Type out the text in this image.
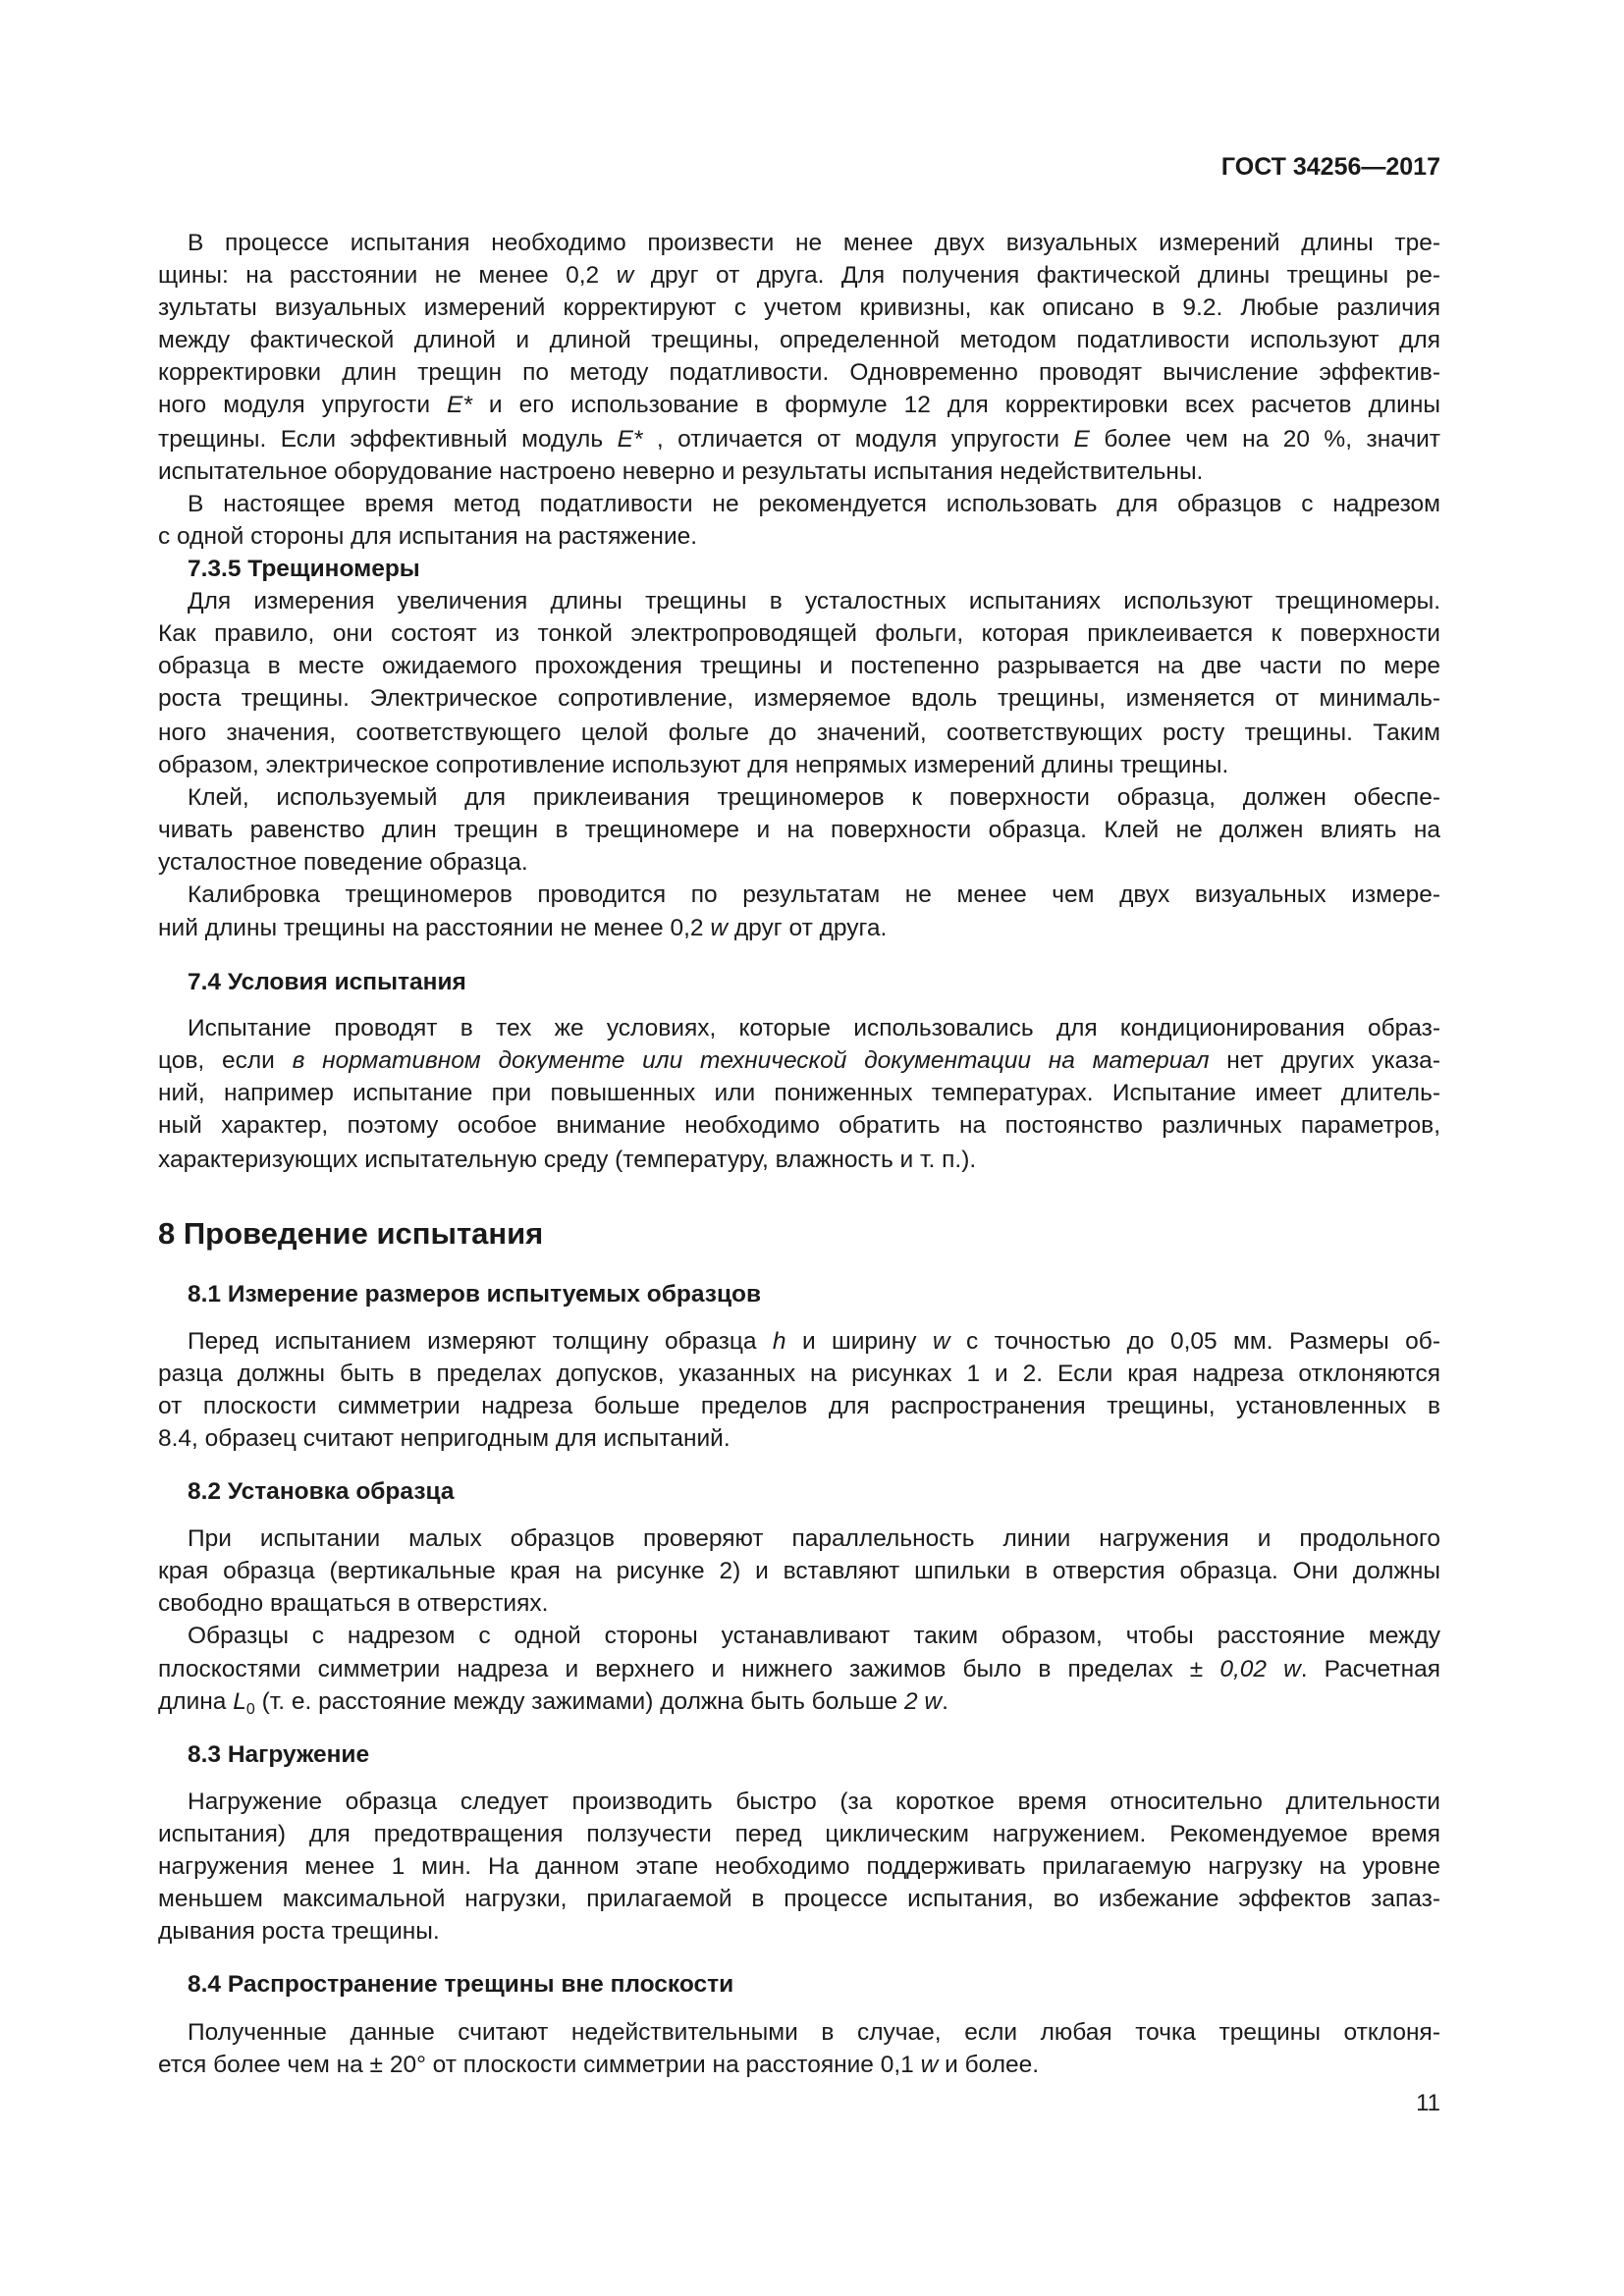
ГОСТ 34256—2017
В процессе испытания необходимо произвести не менее двух визуальных измерений длины тре-
щины: на расстоянии не менее 0,2 w друг от друга. Для получения фактической длины трещины ре-
зультаты визуальных измерений корректируют с учетом кривизны, как описано в 9.2. Любые различия
между фактической длиной и длиной трещины, определенной методом податливости используют для
корректировки длин трещин по методу податливости. Одновременно проводят вычисление эффектив-
ного модуля упругости E* и его использование в формуле 12 для корректировки всех расчетов длины
трещины. Если эффективный модуль E* , отличается от модуля упругости E более чем на 20 %, значит
испытательное оборудование настроено неверно и результаты испытания недействительны.
В настоящее время метод податливости не рекомендуется использовать для образцов с надрезом
с одной стороны для испытания на растяжение.
7.3.5 Трещиномеры
Для измерения увеличения длины трещины в усталостных испытаниях используют трещиномеры.
Как правило, они состоят из тонкой электропроводящей фольги, которая приклеивается к поверхности
образца в месте ожидаемого прохождения трещины и постепенно разрывается на две части по мере
роста трещины. Электрическое сопротивление, измеряемое вдоль трещины, изменяется от минималь-
ного значения, соответствующего целой фольге до значений, соответствующих росту трещины. Таким
образом, электрическое сопротивление используют для непрямых измерений длины трещины.
Клей, используемый для приклеивания трещиномеров к поверхности образца, должен обеспе-
чивать равенство длин трещин в трещиномере и на поверхности образца. Клей не должен влиять на
усталостное поведение образца.
Калибровка трещиномеров проводится по результатам не менее чем двух визуальных измере-
ний длины трещины на расстоянии не менее 0,2 w друг от друга.
7.4 Условия испытания
Испытание проводят в тех же условиях, которые использовались для кондиционирования образ-
цов, если в нормативном документе или технической документации на материал нет других указа-
ний, например испытание при повышенных или пониженных температурах. Испытание имеет длитель-
ный характер, поэтому особое внимание необходимо обратить на постоянство различных параметров,
характеризующих испытательную среду (температуру, влажность и т. п.).
8 Проведение испытания
8.1 Измерение размеров испытуемых образцов
Перед испытанием измеряют толщину образца h и ширину w с точностью до 0,05 мм. Размеры об-
разца должны быть в пределах допусков, указанных на рисунках 1 и 2. Если края надреза отклоняются
от плоскости симметрии надреза больше пределов для распространения трещины, установленных в
8.4, образец считают непригодным для испытаний.
8.2 Установка образца
При испытании малых образцов проверяют параллельность линии нагружения и продольного
края образца (вертикальные края на рисунке 2) и вставляют шпильки в отверстия образца. Они должны
свободно вращаться в отверстиях.
Образцы с надрезом с одной стороны устанавливают таким образом, чтобы расстояние между
плоскостями симметрии надреза и верхнего и нижнего зажимов было в пределах ± 0,02 w. Расчетная
длина $L_0$ (т. е. расстояние между зажимами) должна быть больше 2 w.
8.3 Нагружение
Нагружение образца следует производить быстро (за короткое время относительно длительности
испытания) для предотвращения ползучести перед циклическим нагружением. Рекомендуемое время
нагружения менее 1 мин. На данном этапе необходимо поддерживать прилагаемую нагрузку на уровне
меньшем максимальной нагрузки, прилагаемой в процессе испытания, во избежание эффектов запаз-
дывания роста трещины.
8.4 Распространение трещины вне плоскости
Полученные данные считают недействительными в случае, если любая точка трещины отклоня-
ется более чем на ± 20° от плоскости симметрии на расстояние 0,1 w и более.
11
